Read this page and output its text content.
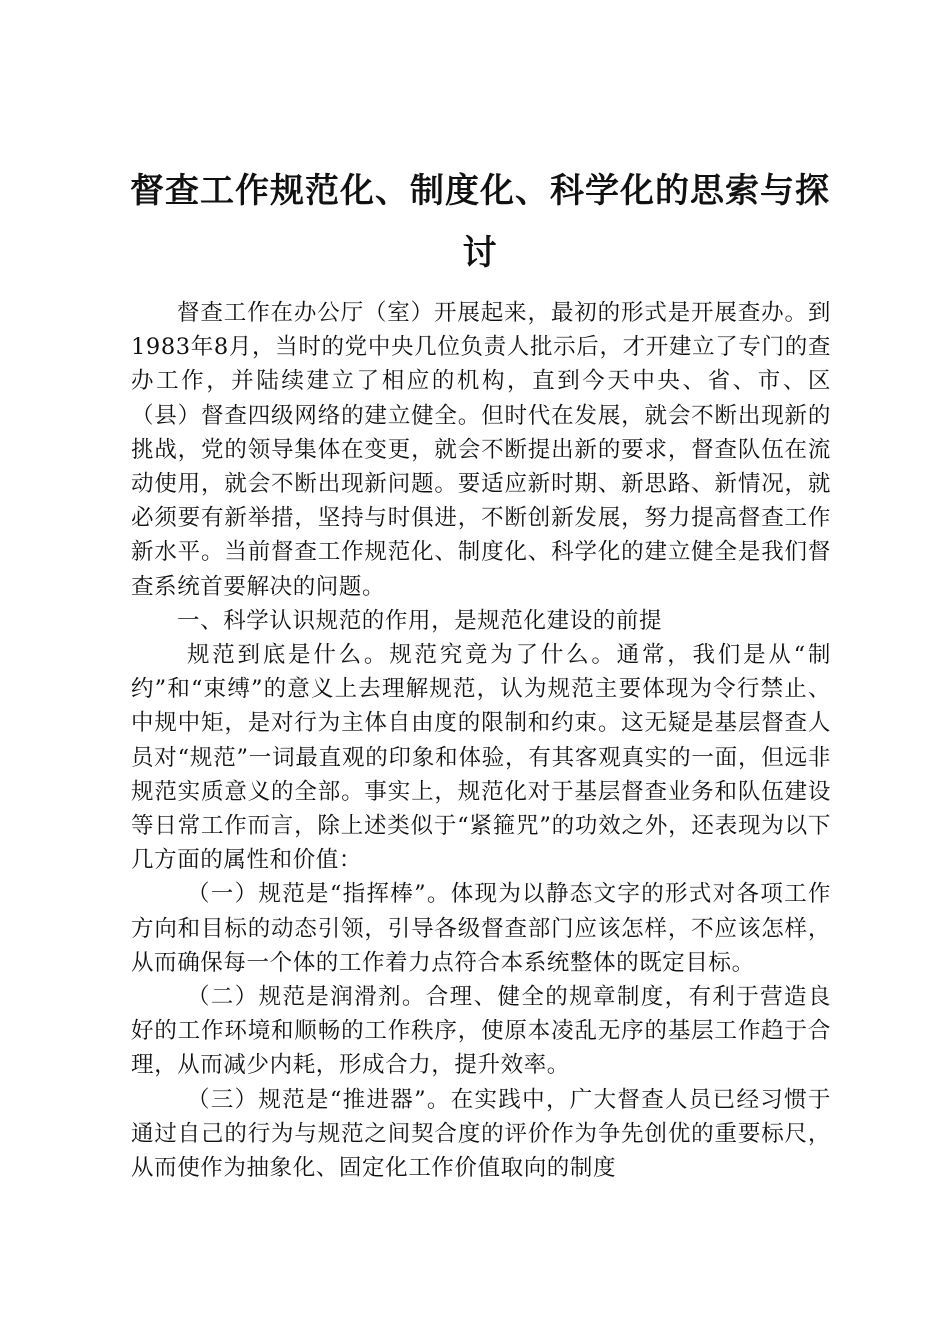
督查工作规范化、制度化、科学化的思索与探讨

督查工作在办公厅（室）开展起来，最初的形式是开展查办。到1983年8月，当时的党中央几位负责人批示后，才开建立了专门的查办工作，并陆续建立了相应的机构，直到今天中央、省、市、区（县）督查四级网络的建立健全。但时代在发展，就会不断出现新的挑战，党的领导集体在变更，就会不断提出新的要求，督查队伍在流动使用，就会不断出现新问题。要适应新时期、新思路、新情况，就必须要有新举措，坚持与时俱进，不断创新发展，努力提高督查工作新水平。当前督查工作规范化、制度化、科学化的建立健全是我们督查系统首要解决的问题。

一、科学认识规范的作用，是规范化建设的前提

规范到底是什么。规范究竟为了什么。通常，我们是从“制约”和“束缚”的意义上去理解规范，认为规范主要体现为令行禁止、中规中矩，是对行为主体自由度的限制和约束。这无疑是基层督查人员对“规范”一词最直观的印象和体验，有其客观真实的一面，但远非规范实质意义的全部。事实上，规范化对于基层督查业务和队伍建设等日常工作而言，除上述类似于“紧箍咒”的功效之外，还表现为以下几方面的属性和价值：

（一）规范是“指挥棒”。体现为以静态文字的形式对各项工作方向和目标的动态引领，引导各级督查部门应该怎样，不应该怎样，从而确保每一个体的工作着力点符合本系统整体的既定目标。

（二）规范是润滑剂。合理、健全的规章制度，有利于营造良好的工作环境和顺畅的工作秩序，使原本凌乱无序的基层工作趋于合理，从而减少内耗，形成合力，提升效率。

（三）规范是“推进器”。在实践中，广大督查人员已经习惯于通过自己的行为与规范之间契合度的评价作为争先创优的重要标尺，从而使作为抽象化、固定化工作价值取向的制度
